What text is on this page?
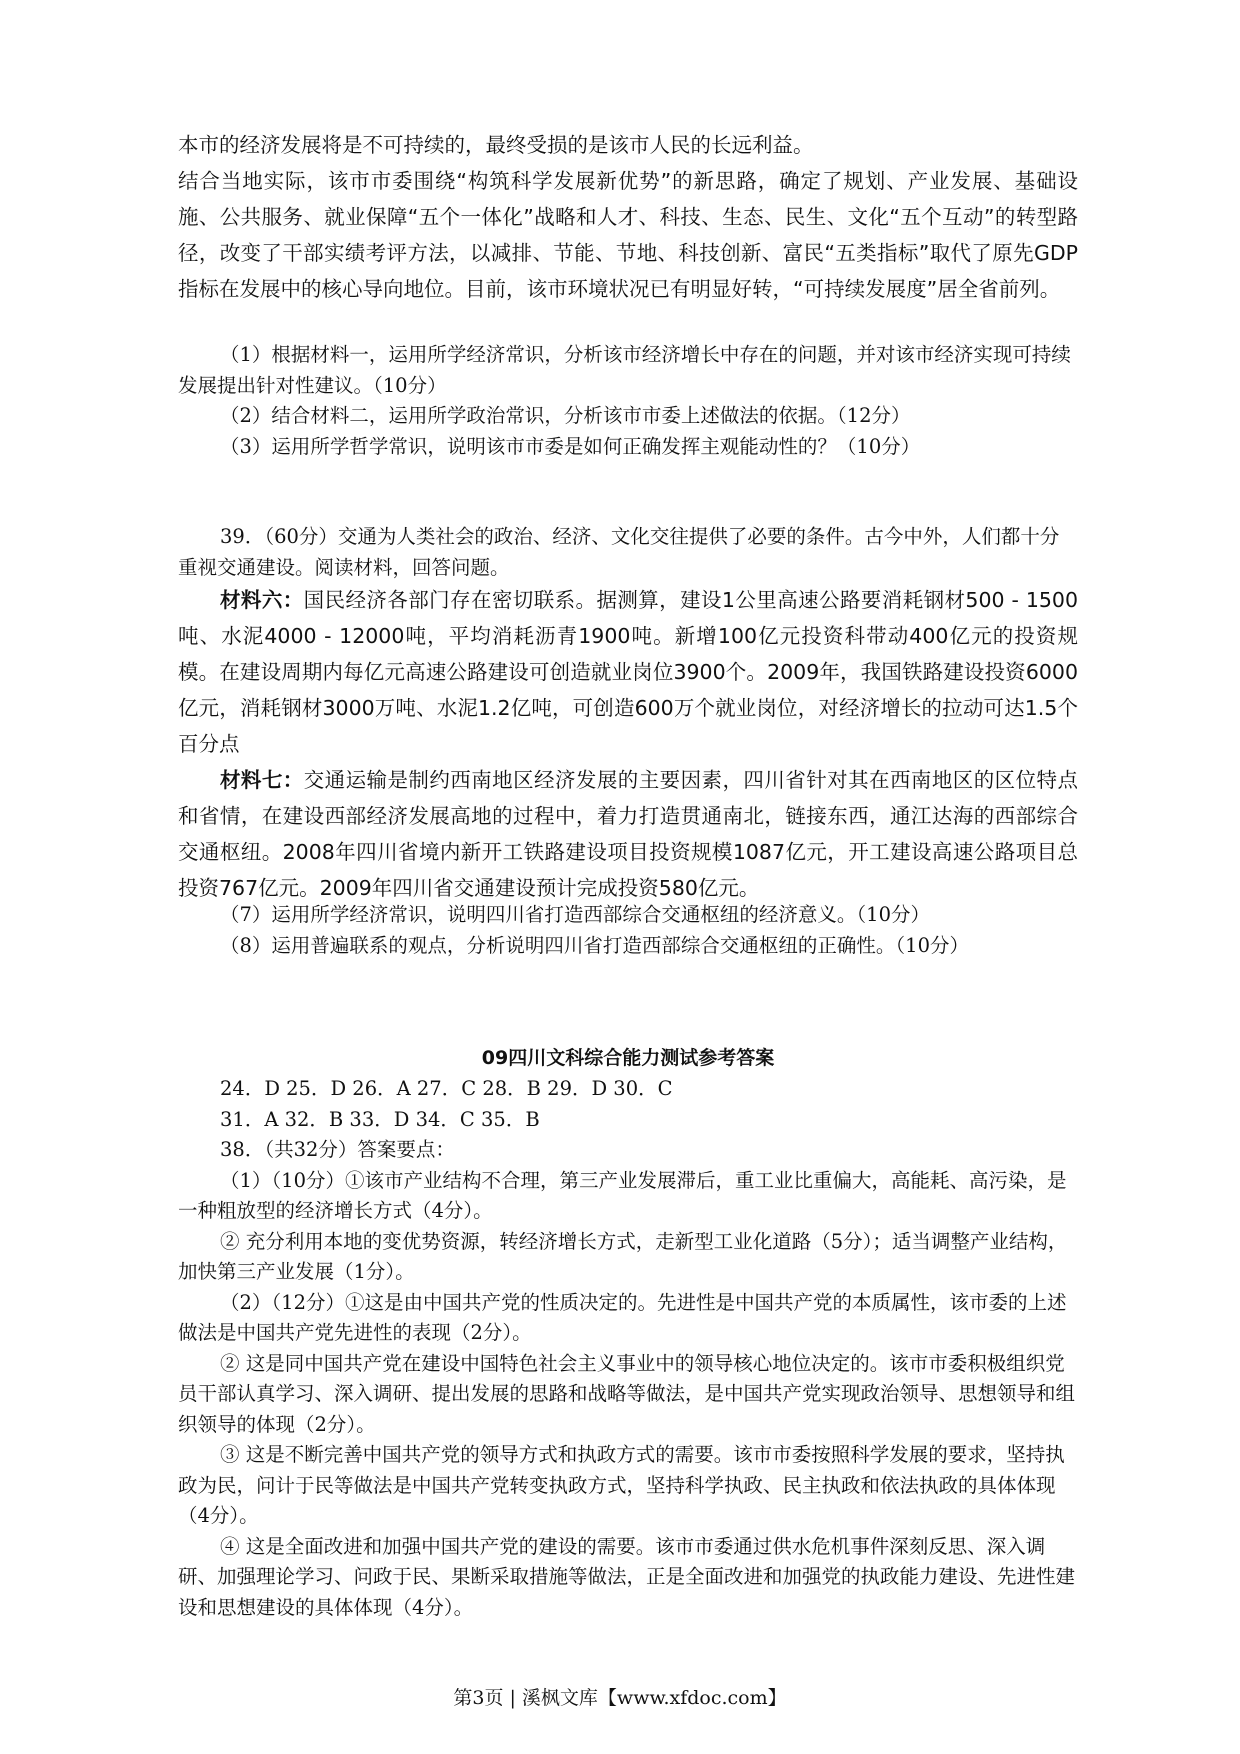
本市的经济发展将是不可持续的，最终受损的是该市人民的长远利益。

结合当地实际，该市市委围绕“构筑科学发展新优势”的新思路，确定了规划、产业发展、基础设施、公共服务、就业保障“五个一体化”战略和人才、科技、生态、民生、文化“五个互动”的转型路径，改变了干部实绩考评方法，以减排、节能、节地、科技创新、富民“五类指标”取代了原先GDP指标在发展中的核心导向地位。目前，该市环境状况已有明显好转，“可持续发展度”居全省前列。

（1）根据材料一，运用所学经济常识，分析该市经济增长中存在的问题，并对该市经济实现可持续发展提出针对性建议。（10分）

（2）结合材料二，运用所学政治常识，分析该市市委上述做法的依据。（12分）

（3）运用所学哲学常识，说明该市市委是如何正确发挥主观能动性的？（10分）

39．（60分）交通为人类社会的政治、经济、文化交往提供了必要的条件。古今中外，人们都十分重视交通建设。阅读材料，回答问题。

材料六：国民经济各部门存在密切联系。据测算，建设1公里高速公路要消耗钢材500 - 1500吨、水泥4000 - 12000吨，平均消耗沥青1900吨。新增100亿元投资科带动400亿元的投资规模。在建设周期内每亿元高速公路建设可创造就业岗位3900个。2009年，我国铁路建设投资6000亿元，消耗钢材3000万吨、水泥1.2亿吨，可创造600万个就业岗位，对经济增长的拉动可达1.5个百分点

材料七：交通运输是制约西南地区经济发展的主要因素，四川省针对其在西南地区的区位特点和省情，在建设西部经济发展高地的过程中，着力打造贯通南北，链接东西，通江达海的西部综合交通枢纽。2008年四川省境内新开工铁路建设项目投资规模1087亿元，开工建设高速公路项目总投资767亿元。2009年四川省交通建设预计完成投资580亿元。

（7）运用所学经济常识，说明四川省打造西部综合交通枢纽的经济意义。（10分）

（8）运用普遍联系的观点，分析说明四川省打造西部综合交通枢纽的正确性。（10分）

09四川文科综合能力测试参考答案

24．D 25．D 26．A 27．C 28．B 29．D 30．C

31．A 32．B 33．D 34．C 35．B

38．（共32分）答案要点：

（1）（10分）①该市产业结构不合理，第三产业发展滞后，重工业比重偏大，高能耗、高污染，是一种粗放型的经济增长方式（4分）。

② 充分利用本地的变优势资源，转经济增长方式，走新型工业化道路（5分）；适当调整产业结构，加快第三产业发展（1分）。

（2）（12分）①这是由中国共产党的性质决定的。先进性是中国共产党的本质属性，该市委的上述做法是中国共产党先进性的表现（2分）。

② 这是同中国共产党在建设中国特色社会主义事业中的领导核心地位决定的。该市市委积极组织党员干部认真学习、深入调研、提出发展的思路和战略等做法，是中国共产党实现政治领导、思想领导和组织领导的体现（2分）。

③ 这是不断完善中国共产党的领导方式和执政方式的需要。该市市委按照科学发展的要求，坚持执政为民，问计于民等做法是中国共产党转变执政方式，坚持科学执政、民主执政和依法执政的具体体现（4分）。

④ 这是全面改进和加强中国共产党的建设的需要。该市市委通过供水危机事件深刻反思、深入调研、加强理论学习、问政于民、果断采取措施等做法，正是全面改进和加强党的执政能力建设、先进性建设和思想建设的具体体现（4分）。

第3页 | 溪枫文库【www.xfdoc.com】
